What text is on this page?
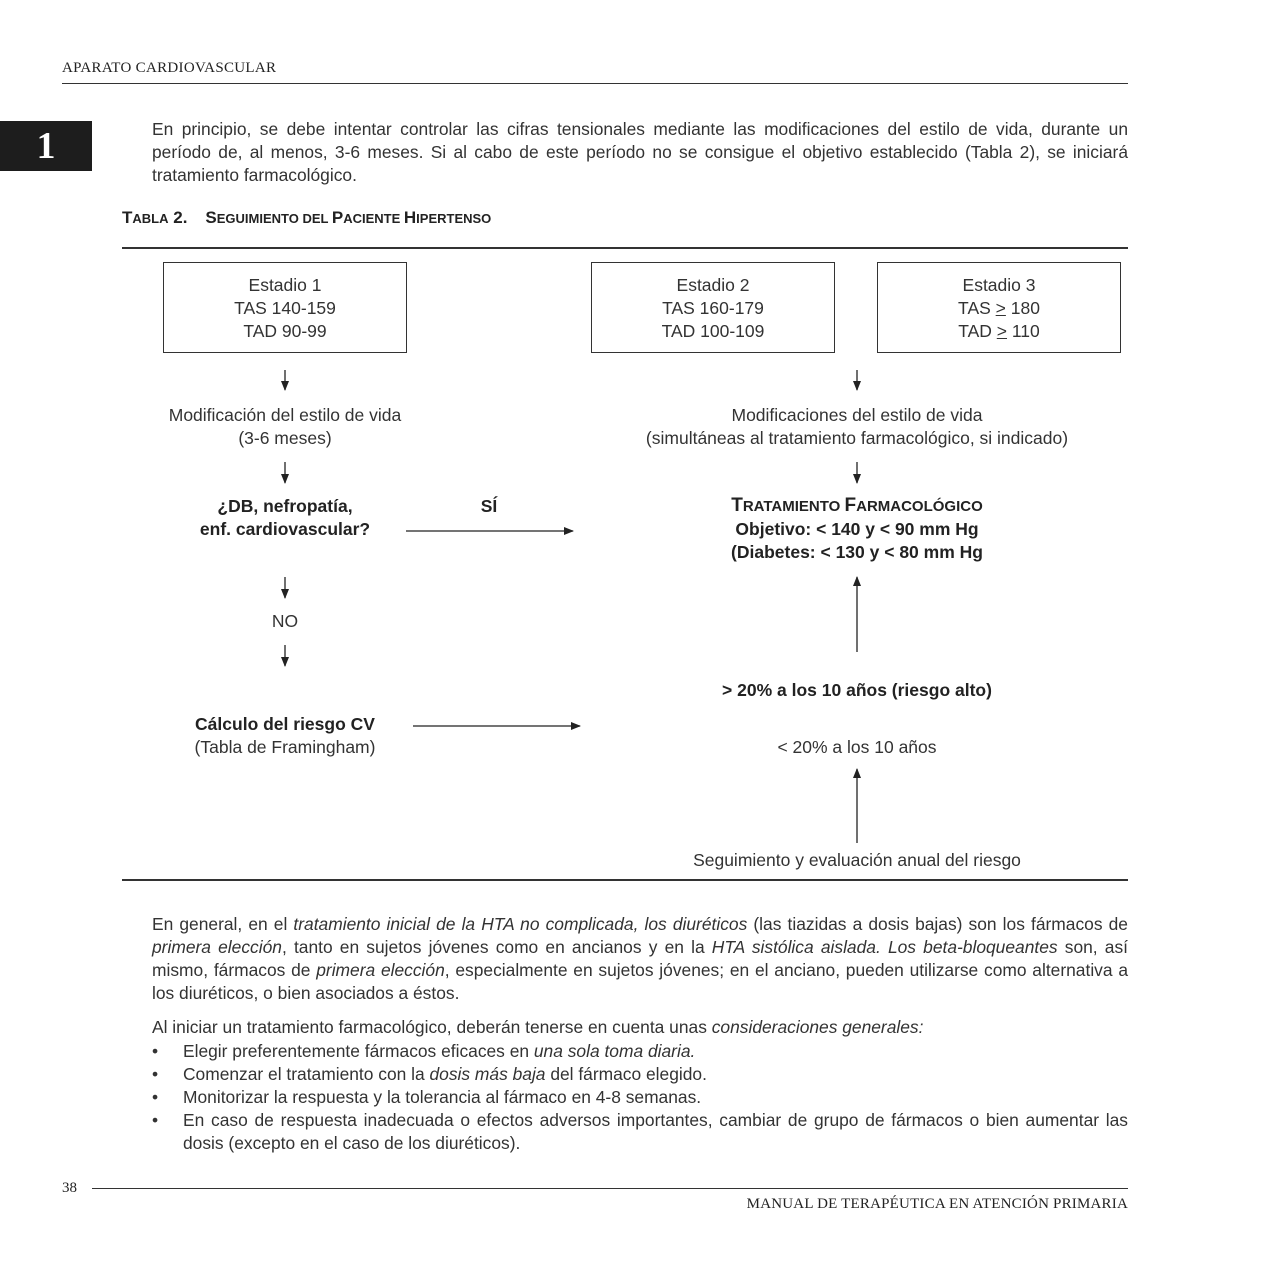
APARATO CARDIOVASCULAR
1	En principio, se debe intentar controlar las cifras tensionales mediante las modificaciones del estilo de vida, durante un período de, al menos, 3-6 meses. Si al cabo de este período no se consigue el objetivo establecido (Tabla 2), se iniciará tratamiento farmacológico.
TABLA 2. SEGUIMIENTO DEL PACIENTE HIPERTENSO
Estadio 1
TAS 140-159
TAD 90-99
Estadio 2
TAS 160-179
TAD 100-109
Estadio 3
TAS > 180
TAD > 110
Modificación del estilo de vida
(3-6 meses)
¿DB, nefropatía,
enf. cardiovascular?
SÍ
NO
Cálculo del riesgo CV
(Tabla de Framingham)
Modificaciones del estilo de vida
(simultáneas al tratamiento farmacológico, si indicado)
TRATAMIENTO FARMACOLÓGICO
Objetivo: < 140 y < 90 mm Hg
(Diabetes: < 130 y < 80 mm Hg
> 20% a los 10 años (riesgo alto)
< 20% a los 10 años
Seguimiento y evaluación anual del riesgo
En general, en el tratamiento inicial de la HTA no complicada, los diuréticos (las tiazidas a dosis bajas) son los fármacos de primera elección, tanto en sujetos jóvenes como en ancianos y en la HTA sistólica aislada. Los beta-bloqueantes son, así mismo, fármacos de primera elección, especialmente en sujetos jóvenes; en el anciano, pueden utilizarse como alternativa a los diuréticos, o bien asociados a éstos.
Al iniciar un tratamiento farmacológico, deberán tenerse en cuenta unas consideraciones generales:
• Elegir preferentemente fármacos eficaces en una sola toma diaria.
• Comenzar el tratamiento con la dosis más baja del fármaco elegido.
• Monitorizar la respuesta y la tolerancia al fármaco en 4-8 semanas.
• En caso de respuesta inadecuada o efectos adversos importantes, cambiar de grupo de fármacos o bien aumentar las dosis (excepto en el caso de los diuréticos).
38
MANUAL DE TERAPÉUTICA EN ATENCIÓN PRIMARIA
